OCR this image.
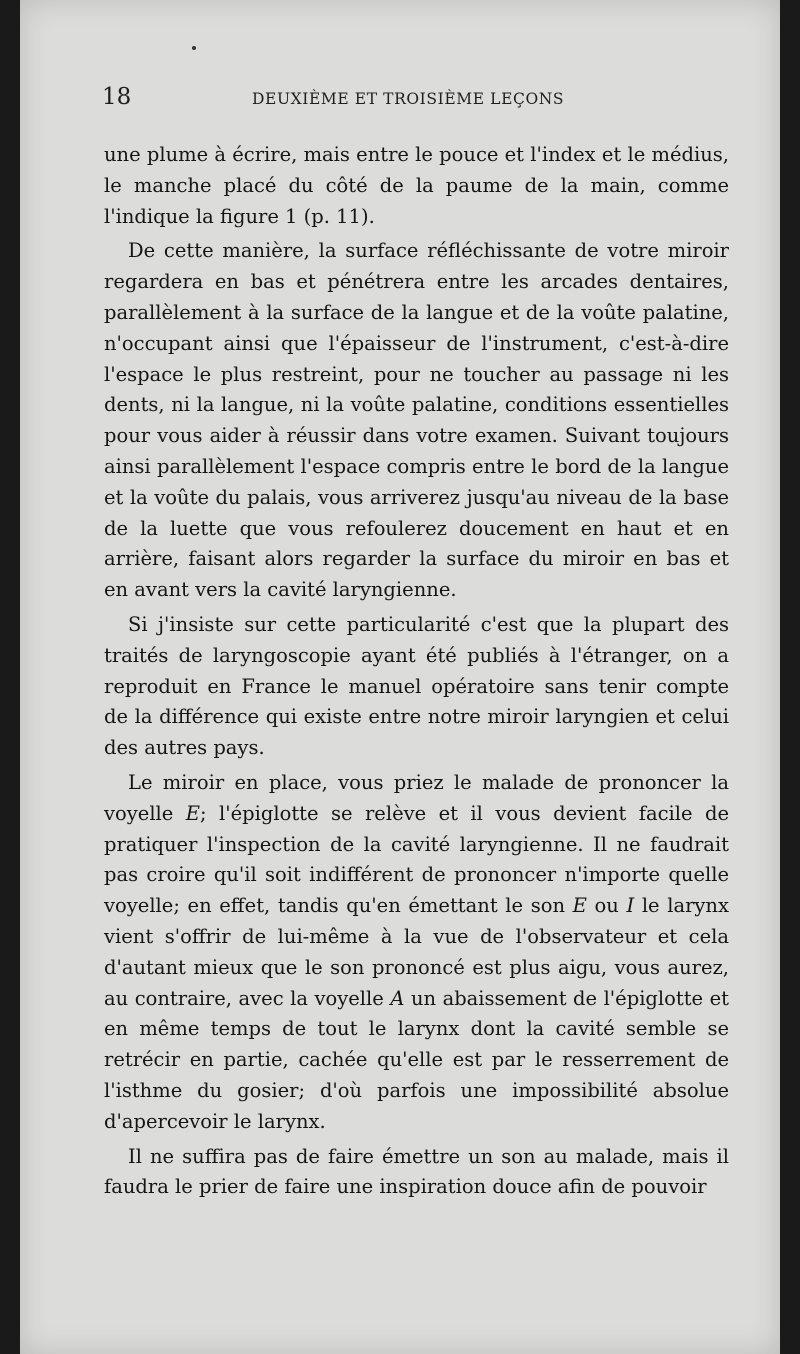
18	DEUXIÈME ET TROISIÈME LEÇONS

une plume à écrire, mais entre le pouce et l'index et le médius, le manche placé du côté de la paume de la main, comme l'indique la figure 1 (p. 11).

De cette manière, la surface réfléchissante de votre miroir regardera en bas et pénétrera entre les arcades dentaires, parallèlement à la surface de la langue et de la voûte palatine, n'occupant ainsi que l'épaisseur de l'instrument, c'est-à-dire l'espace le plus restreint, pour ne toucher au passage ni les dents, ni la langue, ni la voûte palatine, conditions essentielles pour vous aider à réussir dans votre examen. Suivant toujours ainsi parallèlement l'espace compris entre le bord de la langue et la voûte du palais, vous arriverez jusqu'au niveau de la base de la luette que vous refoulerez doucement en haut et en arrière, faisant alors regarder la surface du miroir en bas et en avant vers la cavité laryngienne.

Si j'insiste sur cette particularité c'est que la plupart des traités de laryngoscopie ayant été publiés à l'étranger, on a reproduit en France le manuel opératoire sans tenir compte de la différence qui existe entre notre miroir laryngien et celui des autres pays.

Le miroir en place, vous priez le malade de prononcer la voyelle E; l'épiglotte se relève et il vous devient facile de pratiquer l'inspection de la cavité laryngienne. Il ne faudrait pas croire qu'il soit indifférent de prononcer n'importe quelle voyelle; en effet, tandis qu'en émettant le son E ou I le larynx vient s'offrir de lui-même à la vue de l'observateur et cela d'autant mieux que le son prononcé est plus aigu, vous aurez, au contraire, avec la voyelle A un abaissement de l'épiglotte et en même temps de tout le larynx dont la cavité semble se retrécir en partie, cachée qu'elle est par le resserrement de l'isthme du gosier; d'où parfois une impossibilité absolue d'apercevoir le larynx.

Il ne suffira pas de faire émettre un son au malade, mais il faudra le prier de faire une inspiration douce afin de pouvoir
